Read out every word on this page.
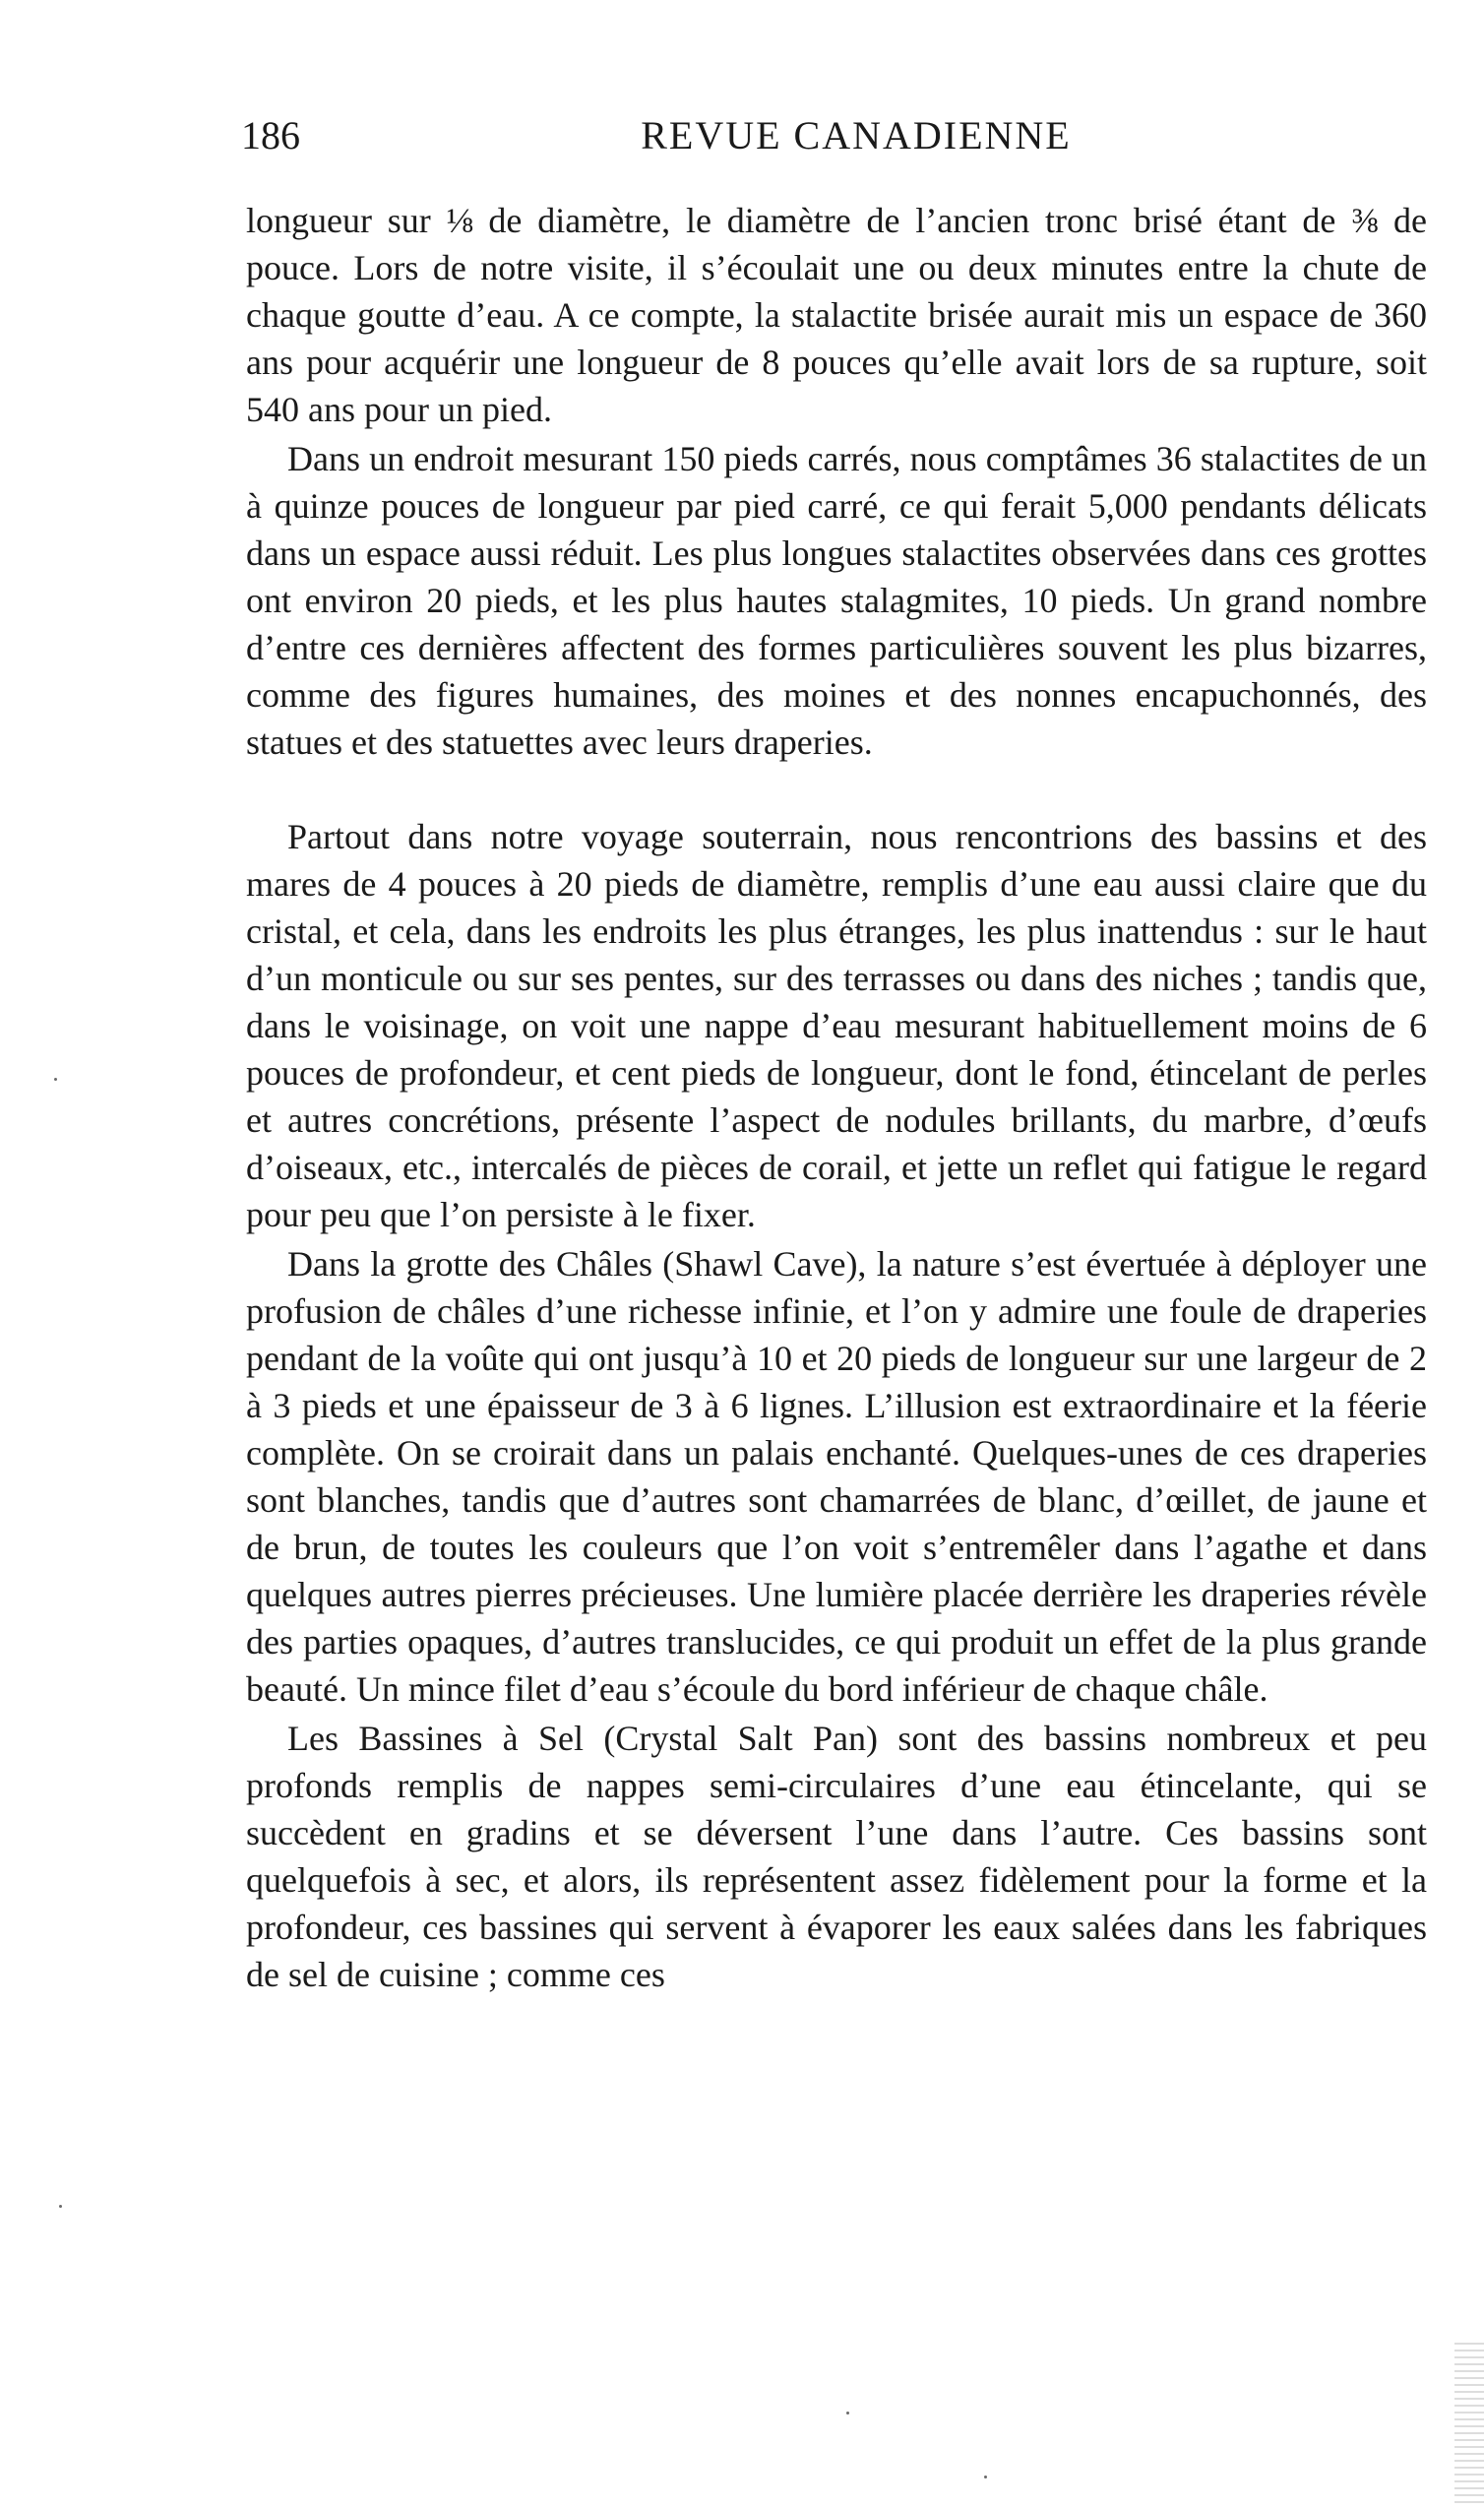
186	REVUE CANADIENNE

longueur sur ⅛ de diamètre, le diamètre de l’ancien tronc brisé étant de ⅜ de pouce. Lors de notre visite, il s’écoulait une ou deux minutes entre la chute de chaque goutte d’eau. A ce compte, la stalactite brisée aurait mis un espace de 360 ans pour acquérir une longueur de 8 pouces qu’elle avait lors de sa rupture, soit 540 ans pour un pied.

Dans un endroit mesurant 150 pieds carrés, nous comptâmes 36 stalactites de un à quinze pouces de longueur par pied carré, ce qui ferait 5,000 pendants délicats dans un espace aussi réduit. Les plus longues stalactites observées dans ces grottes ont environ 20 pieds, et les plus hautes stalagmites, 10 pieds. Un grand nombre d’entre ces dernières affectent des formes particulières souvent les plus bizarres, comme des figures humaines, des moines et des nonnes encapuchonnés, des statues et des statuettes avec leurs draperies.

Partout dans notre voyage souterrain, nous rencontrions des bassins et des mares de 4 pouces à 20 pieds de diamètre, remplis d’une eau aussi claire que du cristal, et cela, dans les endroits les plus étranges, les plus inattendus : sur le haut d’un monticule ou sur ses pentes, sur des terrasses ou dans des niches ; tandis que, dans le voisinage, on voit une nappe d’eau mesurant habituellement moins de 6 pouces de profondeur, et cent pieds de longueur, dont le fond, étincelant de perles et autres concrétions, présente l’aspect de nodules brillants, du marbre, d’œufs d’oiseaux, etc., intercalés de pièces de corail, et jette un reflet qui fatigue le regard pour peu que l’on persiste à le fixer.

Dans la grotte des Châles (Shawl Cave), la nature s’est évertuée à déployer une profusion de châles d’une richesse infinie, et l’on y admire une foule de draperies pendant de la voûte qui ont jusqu’à 10 et 20 pieds de longueur sur une largeur de 2 à 3 pieds et une épaisseur de 3 à 6 lignes. L’illusion est extraordinaire et la féerie complète. On se croirait dans un palais enchanté. Quelques-unes de ces draperies sont blanches, tandis que d’autres sont chamarrées de blanc, d’œillet, de jaune et de brun, de toutes les couleurs que l’on voit s’entremêler dans l’agathe et dans quelques autres pierres précieuses. Une lumière placée derrière les draperies révèle des parties opaques, d’autres translucides, ce qui produit un effet de la plus grande beauté. Un mince filet d’eau s’écoule du bord inférieur de chaque châle.

Les Bassines à Sel (Crystal Salt Pan) sont des bassins nombreux et peu profonds remplis de nappes semi-circulaires d’une eau étincelante, qui se succèdent en gradins et se déversent l’une dans l’autre. Ces bassins sont quelquefois à sec, et alors, ils représentent assez fidèlement pour la forme et la profondeur, ces bassines qui servent à évaporer les eaux salées dans les fabriques de sel de cuisine ; comme ces
